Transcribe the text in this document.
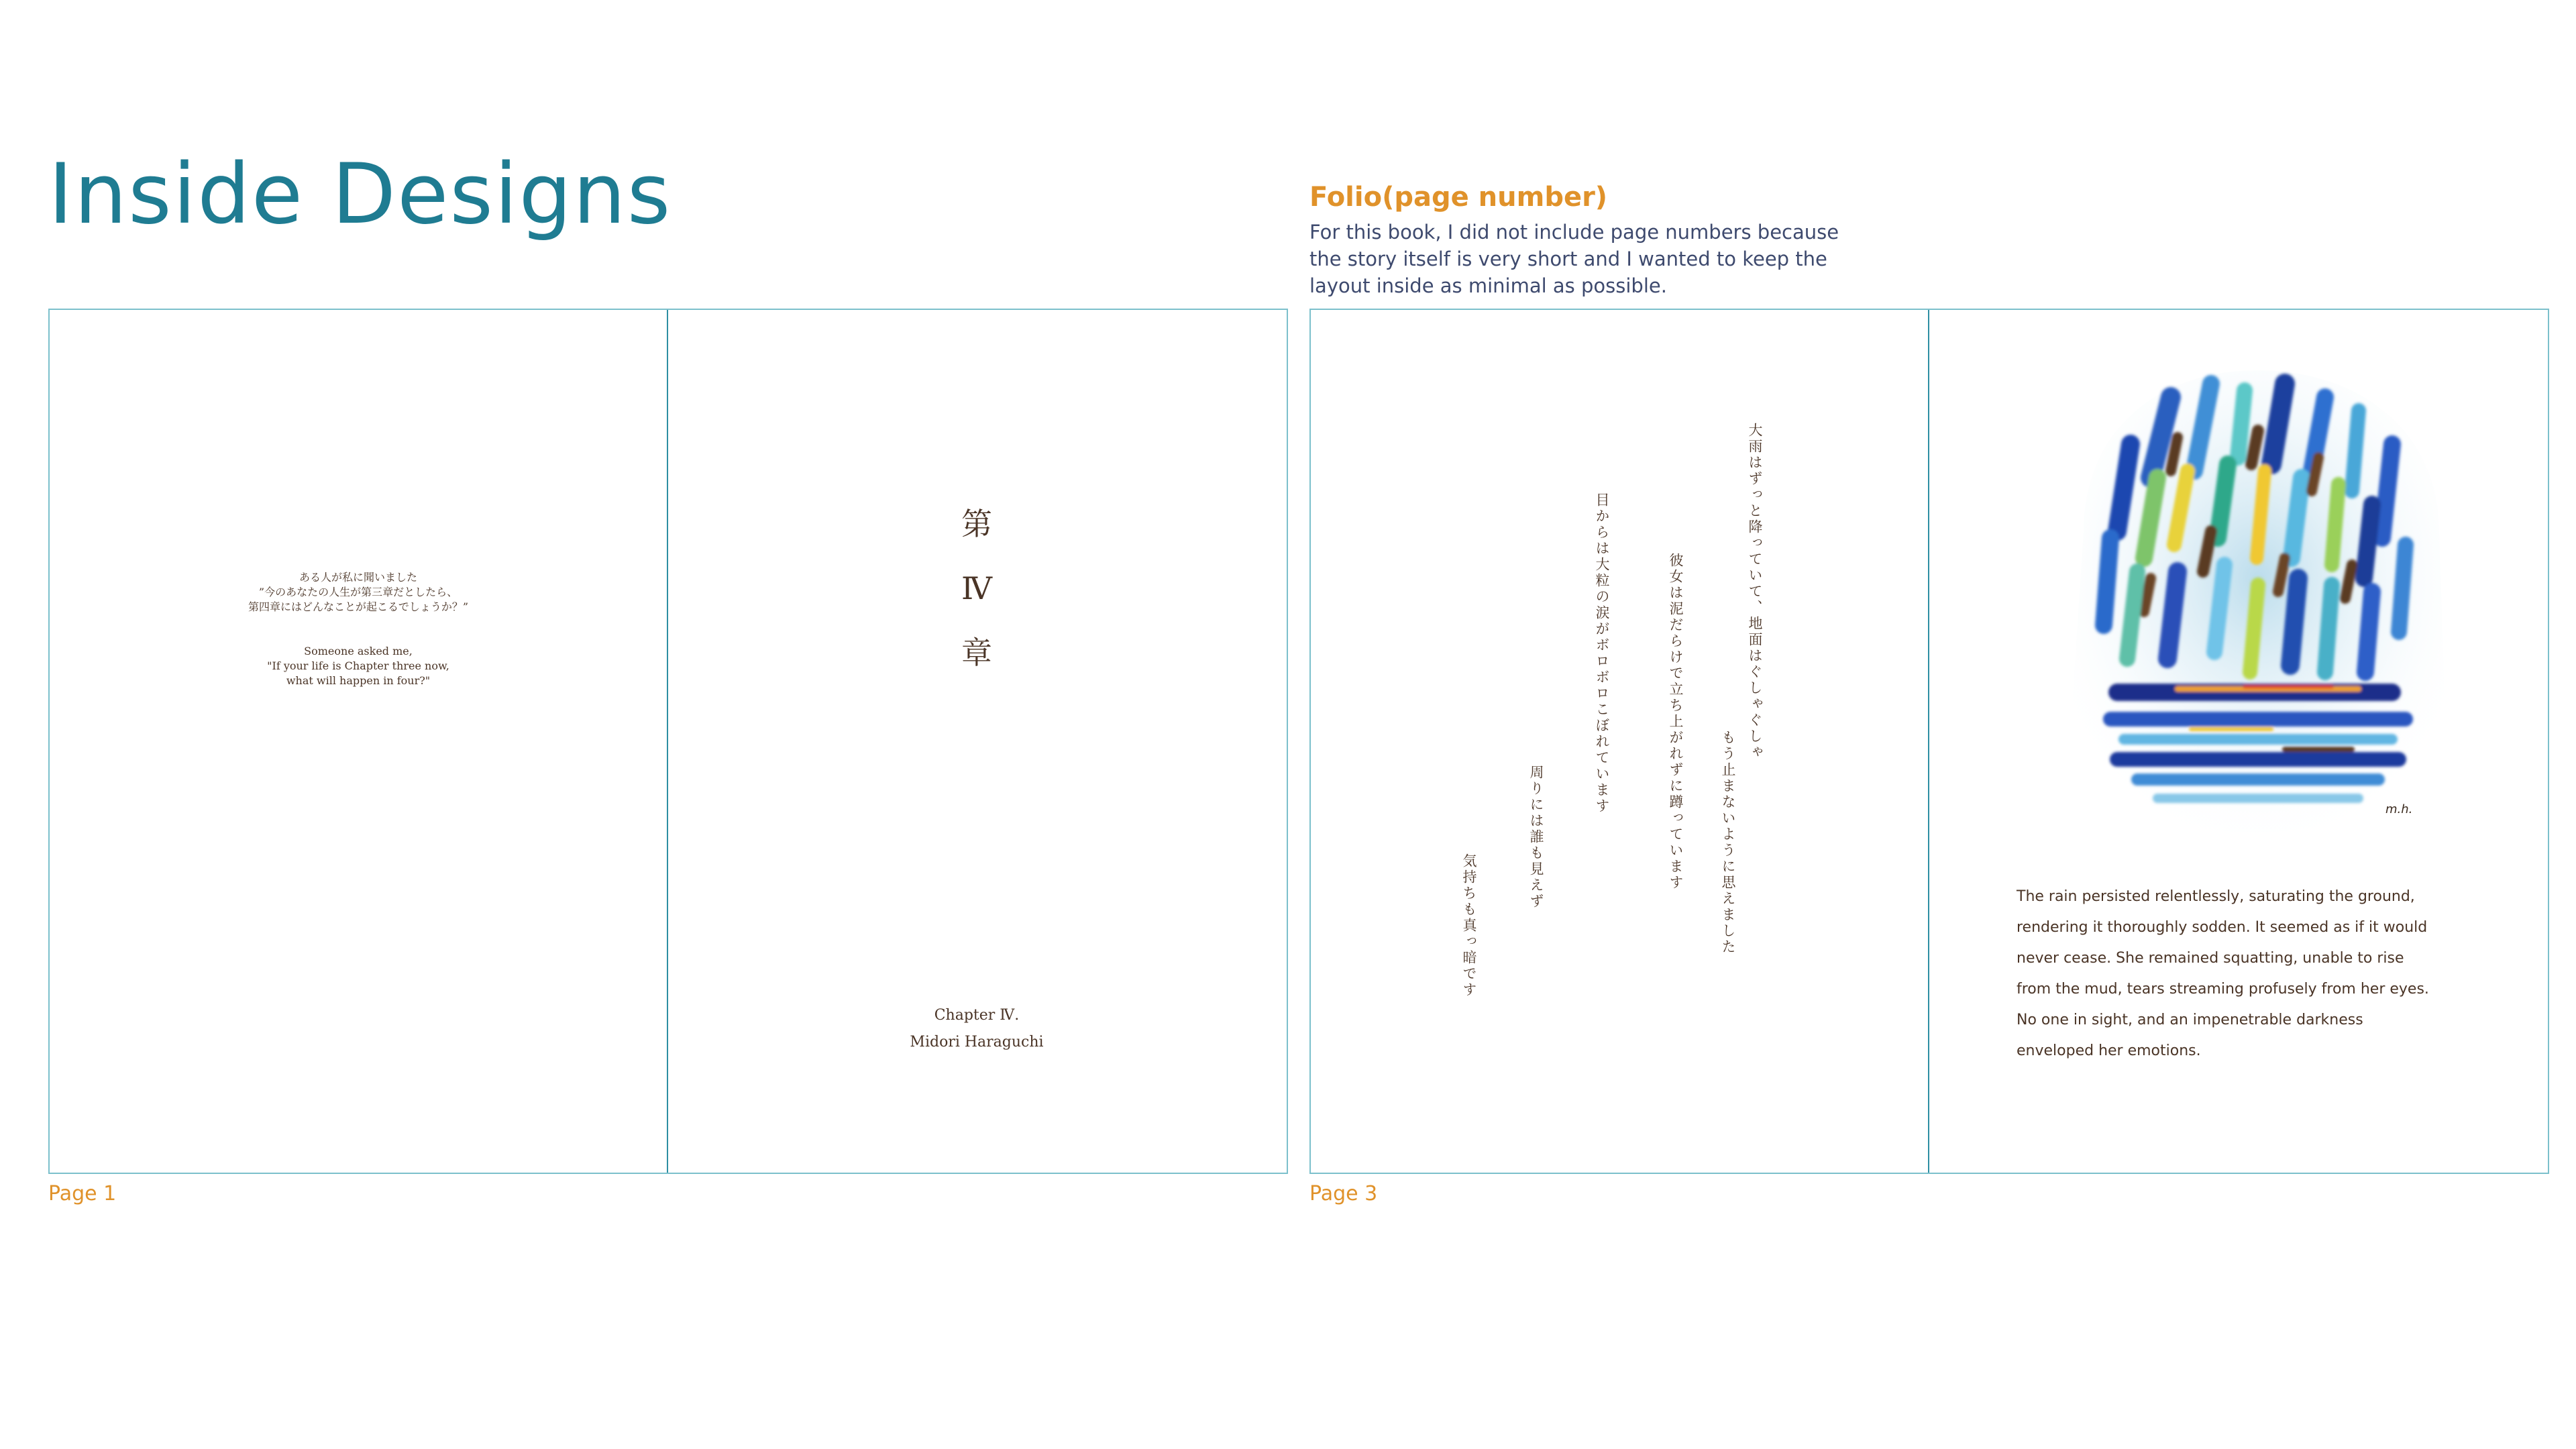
Inside Designs	Folio(page number)

For this book, I did not include page numbers because the story itself is very short and I wanted to keep the layout inside as minimal as possible.

ある人が私に聞いました
”今のあなたの人生が第三章だとしたら、
第四章にはどんなことが起こるでしょうか？”
Someone asked me,
"If your life is Chapter three now,
what will happen in four?"
第
Ⅳ
章
Chapter Ⅳ.
Midori Haraguchi
大雨はずっと降っていて、地面はぐしゃぐしゃ
もう止まないように思えました
彼女は泥だらけで立ち上がれずに蹲っています
目からは大粒の涙がボロボロこぼれています
周りには誰も見えず
気持ちも真っ暗です
m.h.
The rain persisted relentlessly, saturating the ground,
rendering it thoroughly sodden. It seemed as if it would
never cease. She remained squatting, unable to rise
from the mud, tears streaming profusely from her eyes.
No one in sight, and an impenetrable darkness
enveloped her emotions.
Page 1	Page 3
